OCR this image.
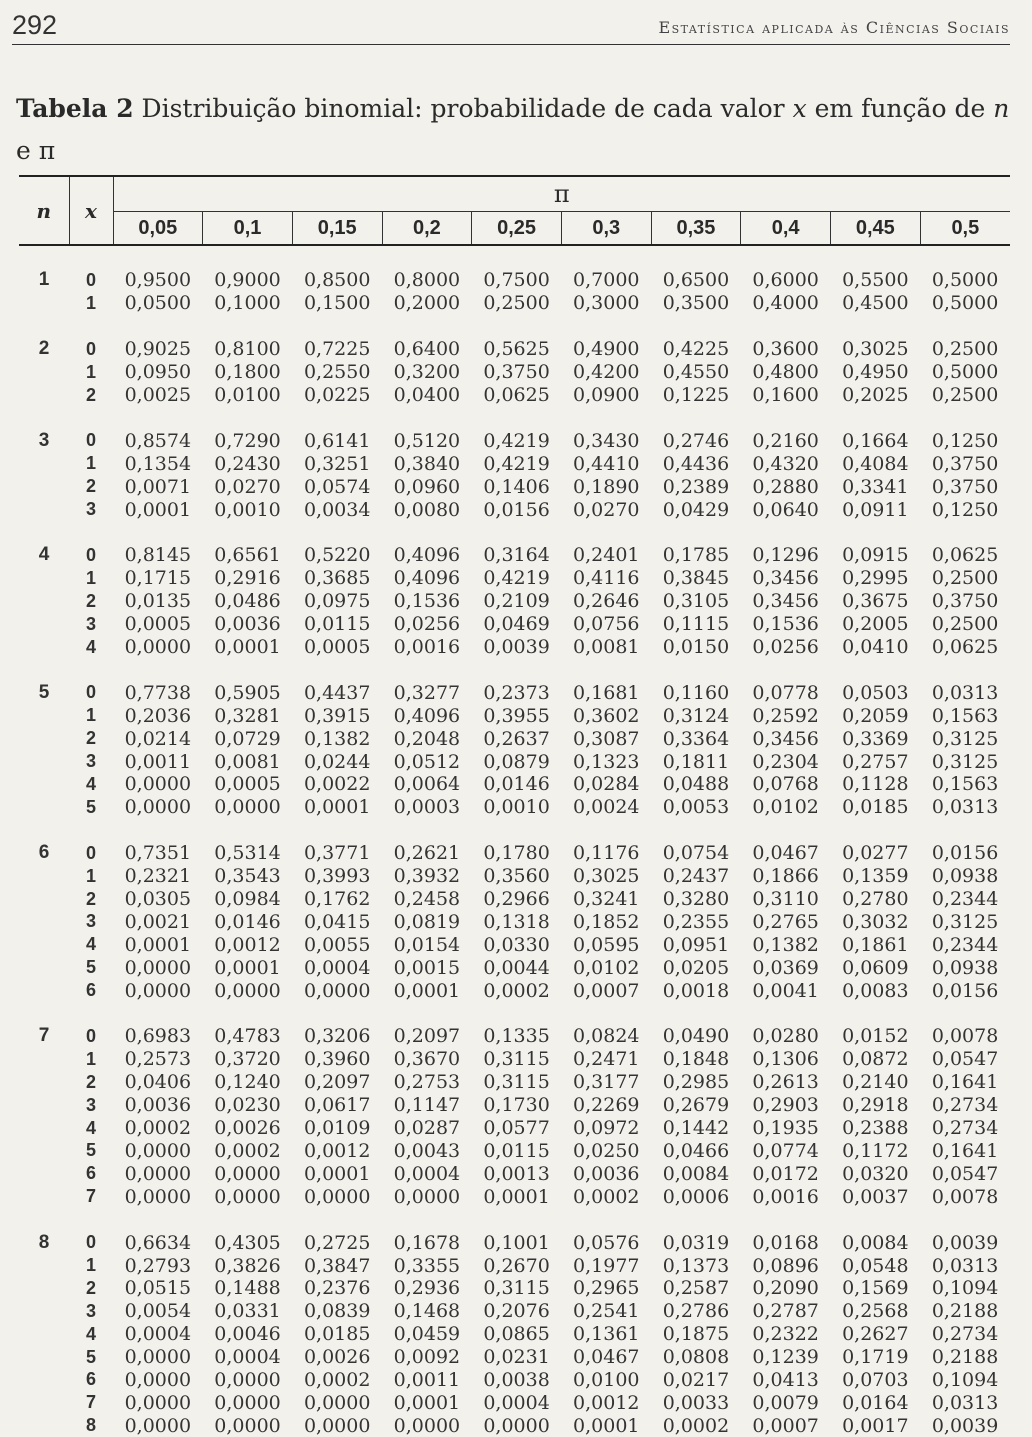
292	Estatística aplicada às Ciências Sociais
Tabela 2 Distribuição binomial: probabilidade de cada valor x em função de n e π
n	x	π									
		0,05	0,1	0,15	0,2	0,25	0,3	0,35	0,4	0,45	0,5

1	0	0,9500	0,9000	0,8500	0,8000	0,7500	0,7000	0,6500	0,6000	0,5500	0,5000
	1	0,0500	0,1000	0,1500	0,2000	0,2500	0,3000	0,3500	0,4000	0,4500	0,5000

2	0	0,9025	0,8100	0,7225	0,6400	0,5625	0,4900	0,4225	0,3600	0,3025	0,2500
	1	0,0950	0,1800	0,2550	0,3200	0,3750	0,4200	0,4550	0,4800	0,4950	0,5000
	2	0,0025	0,0100	0,0225	0,0400	0,0625	0,0900	0,1225	0,1600	0,2025	0,2500

3	0	0,8574	0,7290	0,6141	0,5120	0,4219	0,3430	0,2746	0,2160	0,1664	0,1250
	1	0,1354	0,2430	0,3251	0,3840	0,4219	0,4410	0,4436	0,4320	0,4084	0,3750
	2	0,0071	0,0270	0,0574	0,0960	0,1406	0,1890	0,2389	0,2880	0,3341	0,3750
	3	0,0001	0,0010	0,0034	0,0080	0,0156	0,0270	0,0429	0,0640	0,0911	0,1250

4	0	0,8145	0,6561	0,5220	0,4096	0,3164	0,2401	0,1785	0,1296	0,0915	0,0625
	1	0,1715	0,2916	0,3685	0,4096	0,4219	0,4116	0,3845	0,3456	0,2995	0,2500
	2	0,0135	0,0486	0,0975	0,1536	0,2109	0,2646	0,3105	0,3456	0,3675	0,3750
	3	0,0005	0,0036	0,0115	0,0256	0,0469	0,0756	0,1115	0,1536	0,2005	0,2500
	4	0,0000	0,0001	0,0005	0,0016	0,0039	0,0081	0,0150	0,0256	0,0410	0,0625

5	0	0,7738	0,5905	0,4437	0,3277	0,2373	0,1681	0,1160	0,0778	0,0503	0,0313
	1	0,2036	0,3281	0,3915	0,4096	0,3955	0,3602	0,3124	0,2592	0,2059	0,1563
	2	0,0214	0,0729	0,1382	0,2048	0,2637	0,3087	0,3364	0,3456	0,3369	0,3125
	3	0,0011	0,0081	0,0244	0,0512	0,0879	0,1323	0,1811	0,2304	0,2757	0,3125
	4	0,0000	0,0005	0,0022	0,0064	0,0146	0,0284	0,0488	0,0768	0,1128	0,1563
	5	0,0000	0,0000	0,0001	0,0003	0,0010	0,0024	0,0053	0,0102	0,0185	0,0313

6	0	0,7351	0,5314	0,3771	0,2621	0,1780	0,1176	0,0754	0,0467	0,0277	0,0156
	1	0,2321	0,3543	0,3993	0,3932	0,3560	0,3025	0,2437	0,1866	0,1359	0,0938
	2	0,0305	0,0984	0,1762	0,2458	0,2966	0,3241	0,3280	0,3110	0,2780	0,2344
	3	0,0021	0,0146	0,0415	0,0819	0,1318	0,1852	0,2355	0,2765	0,3032	0,3125
	4	0,0001	0,0012	0,0055	0,0154	0,0330	0,0595	0,0951	0,1382	0,1861	0,2344
	5	0,0000	0,0001	0,0004	0,0015	0,0044	0,0102	0,0205	0,0369	0,0609	0,0938
	6	0,0000	0,0000	0,0000	0,0001	0,0002	0,0007	0,0018	0,0041	0,0083	0,0156

7	0	0,6983	0,4783	0,3206	0,2097	0,1335	0,0824	0,0490	0,0280	0,0152	0,0078
	1	0,2573	0,3720	0,3960	0,3670	0,3115	0,2471	0,1848	0,1306	0,0872	0,0547
	2	0,0406	0,1240	0,2097	0,2753	0,3115	0,3177	0,2985	0,2613	0,2140	0,1641
	3	0,0036	0,0230	0,0617	0,1147	0,1730	0,2269	0,2679	0,2903	0,2918	0,2734
	4	0,0002	0,0026	0,0109	0,0287	0,0577	0,0972	0,1442	0,1935	0,2388	0,2734
	5	0,0000	0,0002	0,0012	0,0043	0,0115	0,0250	0,0466	0,0774	0,1172	0,1641
	6	0,0000	0,0000	0,0001	0,0004	0,0013	0,0036	0,0084	0,0172	0,0320	0,0547
	7	0,0000	0,0000	0,0000	0,0000	0,0001	0,0002	0,0006	0,0016	0,0037	0,0078

8	0	0,6634	0,4305	0,2725	0,1678	0,1001	0,0576	0,0319	0,0168	0,0084	0,0039
	1	0,2793	0,3826	0,3847	0,3355	0,2670	0,1977	0,1373	0,0896	0,0548	0,0313
	2	0,0515	0,1488	0,2376	0,2936	0,3115	0,2965	0,2587	0,2090	0,1569	0,1094
	3	0,0054	0,0331	0,0839	0,1468	0,2076	0,2541	0,2786	0,2787	0,2568	0,2188
	4	0,0004	0,0046	0,0185	0,0459	0,0865	0,1361	0,1875	0,2322	0,2627	0,2734
	5	0,0000	0,0004	0,0026	0,0092	0,0231	0,0467	0,0808	0,1239	0,1719	0,2188
	6	0,0000	0,0000	0,0002	0,0011	0,0038	0,0100	0,0217	0,0413	0,0703	0,1094
	7	0,0000	0,0000	0,0000	0,0001	0,0004	0,0012	0,0033	0,0079	0,0164	0,0313
	8	0,0000	0,0000	0,0000	0,0000	0,0000	0,0001	0,0002	0,0007	0,0017	0,0039
